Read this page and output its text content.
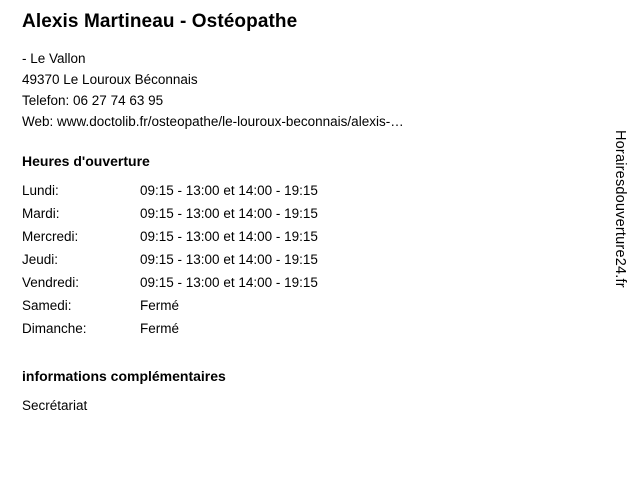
Alexis Martineau - Ostéopathe

- Le Vallon

49370 Le Louroux Béconnais

Telefon: 06 27 74 63 95

Web: www.doctolib.fr/osteopathe/le-louroux-beconnais/alexis-…

Heures d'ouverture
Lundi:	09:15 - 13:00 et 14:00 - 19:15
Mardi:	09:15 - 13:00 et 14:00 - 19:15
Mercredi:	09:15 - 13:00 et 14:00 - 19:15
Jeudi:	09:15 - 13:00 et 14:00 - 19:15
Vendredi:	09:15 - 13:00 et 14:00 - 19:15
Samedi:	Fermé
Dimanche:	Fermé
informations complémentaires

Secrétariat

Horairesdouverture24.fr
